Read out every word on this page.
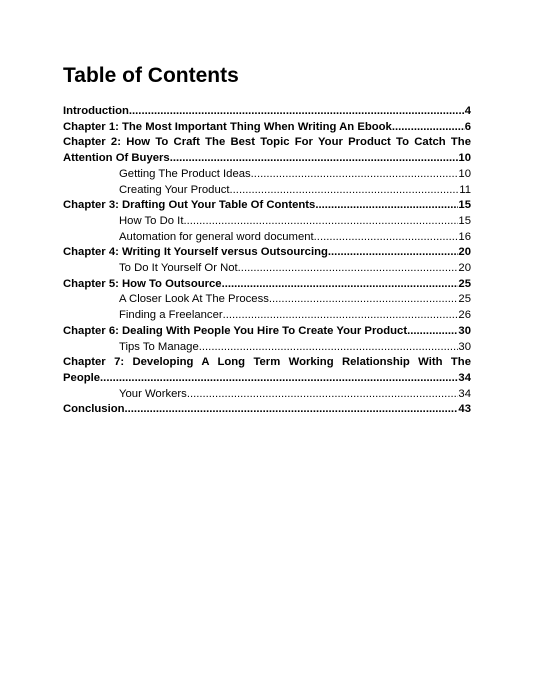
Table of Contents
Introduction .....	4
Chapter 1: The Most Important Thing When Writing An Ebook .....	6
Chapter 2: How To Craft The Best Topic For Your Product To Catch The
Attention Of Buyers .....	10
Getting The Product Ideas .....	10
Creating Your Product .....	11
Chapter 3: Drafting Out Your Table Of Contents .....	15
How To Do It .....	15
Automation for general word document .....	16
Chapter 4: Writing It Yourself versus Outsourcing .....	20
To Do It Yourself Or Not .....	20
Chapter 5: How To Outsource .....	25
A Closer Look At The Process .....	25
Finding a Freelancer .....	26
Chapter 6: Dealing With People You Hire To Create Your Product .....	30
Tips To Manage .....	30
Chapter 7: Developing A Long Term Working Relationship With The
People .....	34
Your Workers .....	34
Conclusion .....	43
